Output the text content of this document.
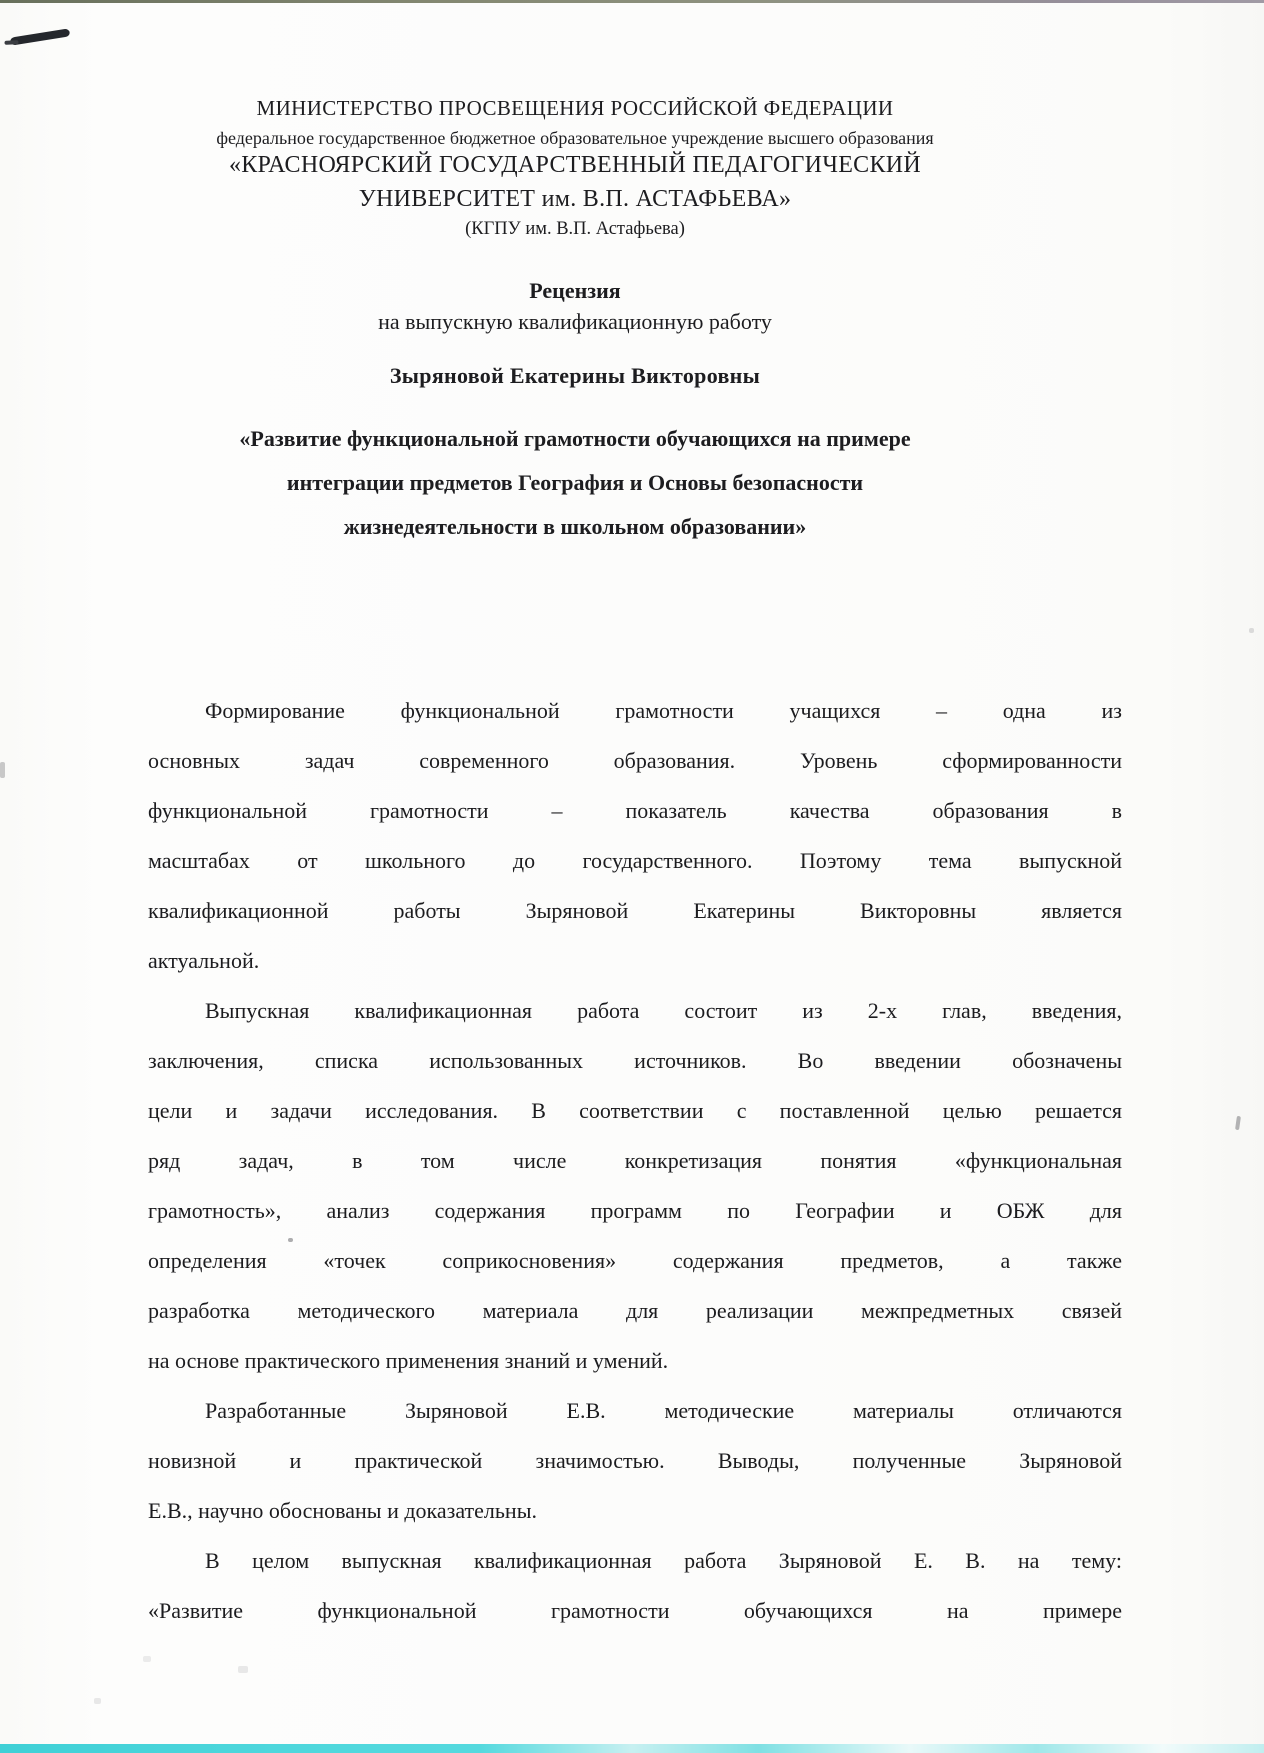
МИНИСТЕРСТВО ПРОСВЕЩЕНИЯ РОССИЙСКОЙ ФЕДЕРАЦИИ
федеральное государственное бюджетное образовательное учреждение высшего образования
«КРАСНОЯРСКИЙ ГОСУДАРСТВЕННЫЙ ПЕДАГОГИЧЕСКИЙ
УНИВЕРСИТЕТ им. В.П. АСТАФЬЕВА»
(КГПУ им. В.П. Астафьева)
Рецензия
на выпускную квалификационную работу
Зыряновой Екатерины Викторовны
«Развитие функциональной грамотности обучающихся на примере
интеграции предметов География и Основы безопасности
жизнедеятельности в школьном образовании»
Формирование функциональной грамотности учащихся – одна из
основных задач современного образования. Уровень сформированности
функциональной грамотности – показатель качества образования в
масштабах от школьного до государственного. Поэтому тема выпускной
квалификационной работы Зыряновой Екатерины Викторовны является
актуальной.
Выпускная квалификационная работа состоит из 2-х глав, введения,
заключения, списка использованных источников. Во введении обозначены
цели и задачи исследования. В соответствии с поставленной целью решается
ряд задач, в том числе конкретизация понятия «функциональная
грамотность», анализ содержания программ по Географии и ОБЖ для
определения «точек соприкосновения» содержания предметов, а также
разработка методического материала для реализации межпредметных связей
на основе практического применения знаний и умений.
Разработанные Зыряновой Е.В. методические материалы отличаются
новизной и практической значимостью. Выводы, полученные Зыряновой
Е.В., научно обоснованы и доказательны.
В целом выпускная квалификационная работа Зыряновой Е. В. на тему:
«Развитие функциональной грамотности обучающихся на примере
